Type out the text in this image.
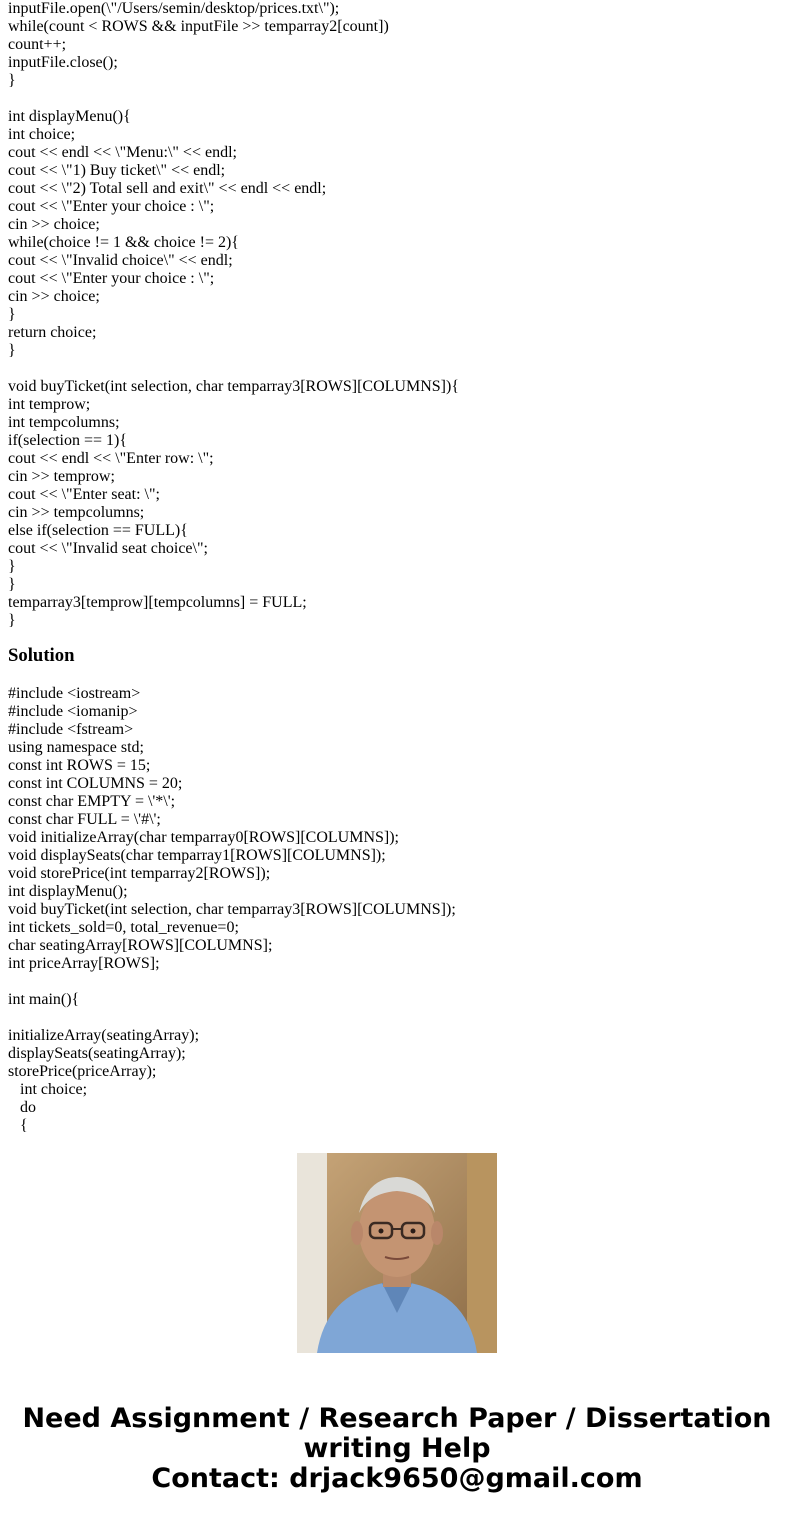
inputFile.open(\"/Users/semin/desktop/prices.txt\");
while(count < ROWS && inputFile >> temparray2[count])
count++;
inputFile.close();
}

int displayMenu(){
int choice;
cout << endl << \"Menu:\" << endl;
cout << \"1) Buy ticket\" << endl;
cout << \"2) Total sell and exit\" << endl << endl;
cout << \"Enter your choice : \";
cin >> choice;
while(choice != 1 && choice != 2){
cout << \"Invalid choice\" << endl;
cout << \"Enter your choice : \";
cin >> choice;
}
return choice;
}

void buyTicket(int selection, char temparray3[ROWS][COLUMNS]){
int temprow;
int tempcolumns;
if(selection == 1){
cout << endl << \"Enter row: \";
cin >> temprow;
cout << \"Enter seat: \";
cin >> tempcolumns;
else if(selection == FULL){
cout << \"Invalid seat choice\";
}
}
temparray3[temprow][tempcolumns] = FULL;
}
Solution
#include <iostream>
#include <iomanip>
#include <fstream>
using namespace std;
const int ROWS = 15;
const int COLUMNS = 20;
const char EMPTY = \'*\';
const char FULL = \'#\';
void initializeArray(char temparray0[ROWS][COLUMNS]);
void displaySeats(char temparray1[ROWS][COLUMNS]);
void storePrice(int temparray2[ROWS]);
int displayMenu();
void buyTicket(int selection, char temparray3[ROWS][COLUMNS]);
int tickets_sold=0, total_revenue=0;
char seatingArray[ROWS][COLUMNS];
int priceArray[ROWS];

int main(){

initializeArray(seatingArray);
displaySeats(seatingArray);
storePrice(priceArray);
int choice;
do
{
Need Assignment / Research Paper / Dissertation
writing Help
Contact: drjack9650@gmail.com
